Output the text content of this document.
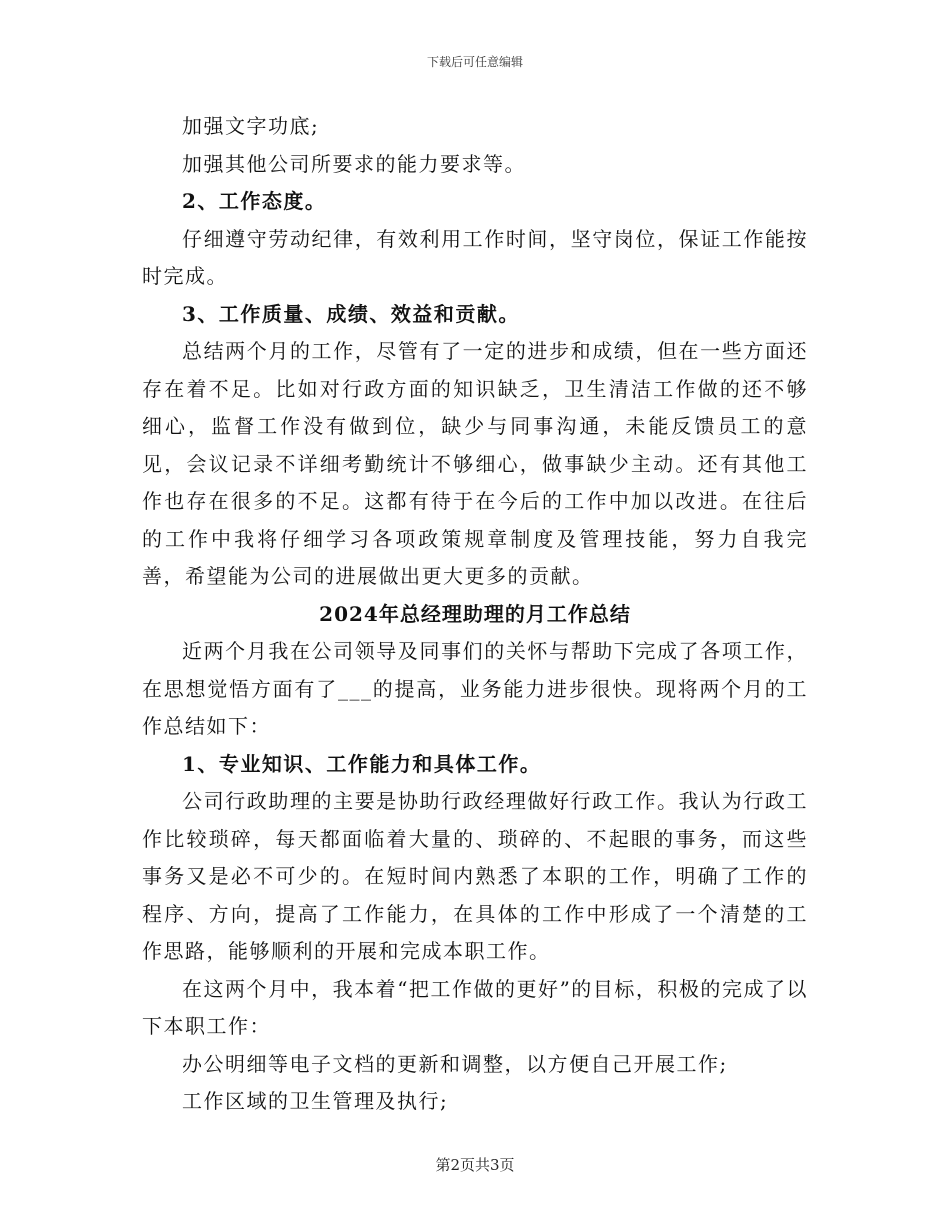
下载后可任意编辑

加强文字功底;

加强其他公司所要求的能力要求等。

2、工作态度。

仔细遵守劳动纪律，有效利用工作时间，坚守岗位，保证工作能按时完成。

3、工作质量、成绩、效益和贡献。

总结两个月的工作，尽管有了一定的进步和成绩，但在一些方面还存在着不足。比如对行政方面的知识缺乏，卫生清洁工作做的还不够细心，监督工作没有做到位，缺少与同事沟通，未能反馈员工的意见，会议记录不详细考勤统计不够细心，做事缺少主动。还有其他工作也存在很多的不足。这都有待于在今后的工作中加以改进。在往后的工作中我将仔细学习各项政策规章制度及管理技能，努力自我完善，希望能为公司的进展做出更大更多的贡献。

2024年总经理助理的月工作总结

近两个月我在公司领导及同事们的关怀与帮助下完成了各项工作，在思想觉悟方面有了___的提高，业务能力进步很快。现将两个月的工作总结如下：

1、专业知识、工作能力和具体工作。

公司行政助理的主要是协助行政经理做好行政工作。我认为行政工作比较琐碎，每天都面临着大量的、琐碎的、不起眼的事务，而这些事务又是必不可少的。在短时间内熟悉了本职的工作，明确了工作的程序、方向，提高了工作能力，在具体的工作中形成了一个清楚的工作思路，能够顺利的开展和完成本职工作。

在这两个月中，我本着“把工作做的更好”的目标，积极的完成了以下本职工作：

办公明细等电子文档的更新和调整，以方便自己开展工作;

工作区域的卫生管理及执行;

第2页共3页
